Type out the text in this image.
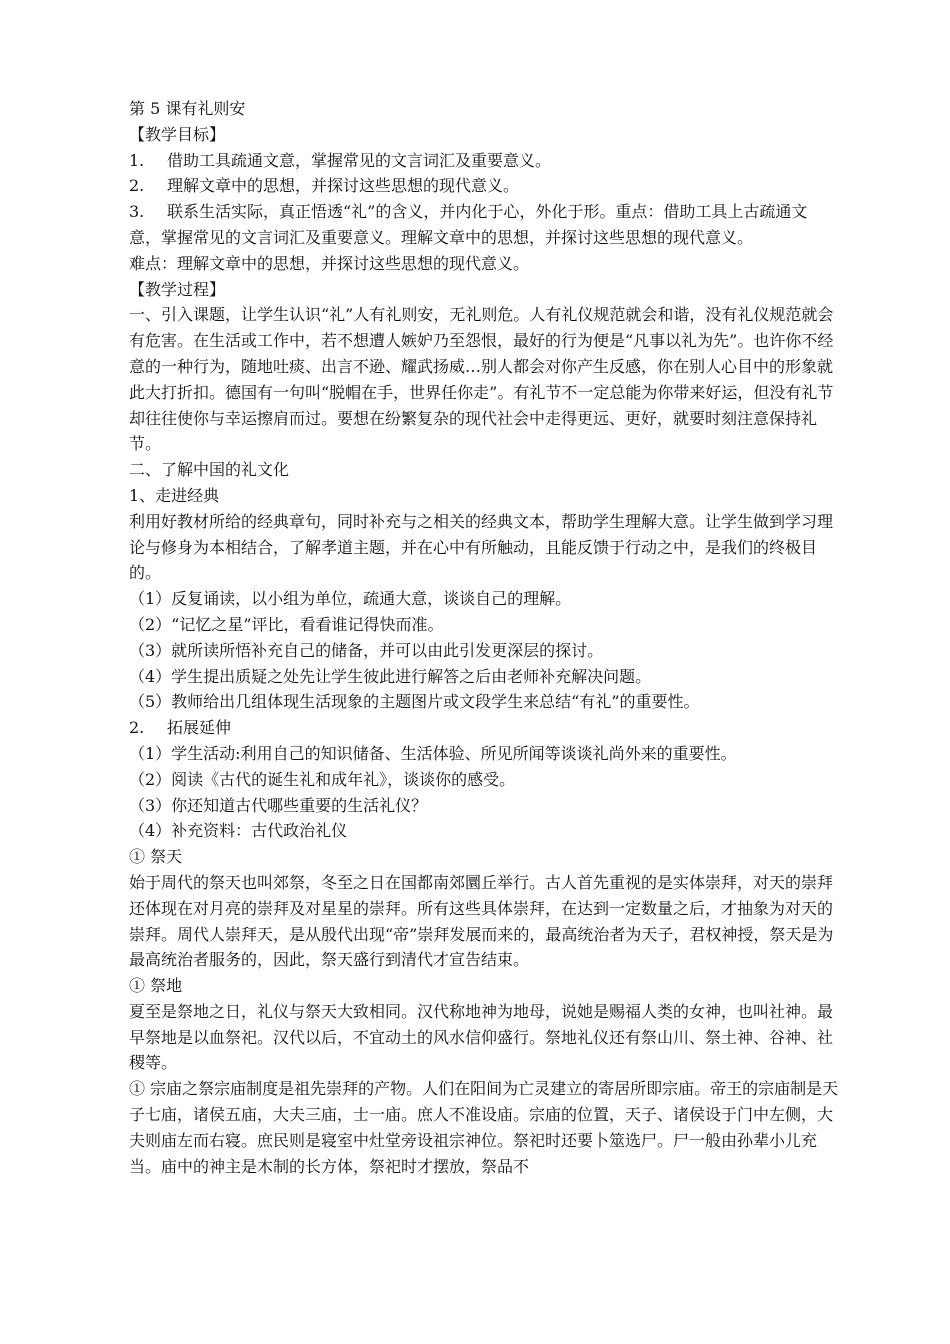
第 5 课有礼则安

【教学目标】

1.	借助工具疏通文意，掌握常见的文言词汇及重要意义。
2.	理解文章中的思想，并探讨这些思想的现代意义。

3. 联系生活实际，真正悟透“礼”的含义，并内化于心，外化于形。重点：借助工具上古疏通文意，掌握常见的文言词汇及重要意义。理解文章中的思想，并探讨这些思想的现代意义。

难点：理解文章中的思想，并探讨这些思想的现代意义。

【教学过程】

一、引入课题，让学生认识“礼”人有礼则安，无礼则危。人有礼仪规范就会和谐，没有礼仪规范就会有危害。在生活或工作中，若不想遭人嫉妒乃至怨恨，最好的行为便是“凡事以礼为先”。也许你不经意的一种行为，随地吐痰、出言不逊、耀武扬威…别人都会对你产生反感，你在别人心目中的形象就此大打折扣。德国有一句叫“脱帽在手，世界任你走”。有礼节不一定总能为你带来好运，但没有礼节却往往使你与幸运擦肩而过。要想在纷繁复杂的现代社会中走得更远、更好，就要时刻注意保持礼节。

二、了解中国的礼文化

1、走进经典

利用好教材所给的经典章句，同时补充与之相关的经典文本，帮助学生理解大意。让学生做到学习理论与修身为本相结合，了解孝道主题，并在心中有所触动，且能反馈于行动之中，是我们的终极目的。

（1）反复诵读，以小组为单位，疏通大意，谈谈自己的理解。

（2）“记忆之星”评比，看看谁记得快而准。

（3）就所读所悟补充自己的储备，并可以由此引发更深层的探讨。

（4）学生提出质疑之处先让学生彼此进行解答之后由老师补充解决问题。

（5）教师给出几组体现生活现象的主题图片或文段学生来总结“有礼”的重要性。

2.	拓展延伸

（1）学生活动:利用自己的知识储备、生活体验、所见所闻等谈谈礼尚外来的重要性。

（2）阅读《古代的诞生礼和成年礼》，谈谈你的感受。

（3）你还知道古代哪些重要的生活礼仪？

（4）补充资料：古代政治礼仪

① 祭天

始于周代的祭天也叫郊祭，冬至之日在国都南郊圜丘举行。古人首先重视的是实体崇拜，对天的崇拜还体现在对月亮的崇拜及对星星的崇拜。所有这些具体崇拜，在达到一定数量之后，才抽象为对天的崇拜。周代人崇拜天，是从殷代出现“帝”崇拜发展而来的，最高统治者为天子，君权神授，祭天是为最高统治者服务的，因此，祭天盛行到清代才宣告结束。

① 祭地

夏至是祭地之日，礼仪与祭天大致相同。汉代称地神为地母，说她是赐福人类的女神，也叫社神。最早祭地是以血祭祀。汉代以后，不宜动土的风水信仰盛行。祭地礼仪还有祭山川、祭土神、谷神、社稷等。

① 宗庙之祭宗庙制度是祖先崇拜的产物。人们在阳间为亡灵建立的寄居所即宗庙。帝王的宗庙制是天子七庙，诸侯五庙，大夫三庙，士一庙。庶人不准设庙。宗庙的位置，天子、诸侯设于门中左侧，大夫则庙左而右寝。庶民则是寝室中灶堂旁设祖宗神位。祭祀时还要卜筮选尸。尸一般由孙辈小儿充当。庙中的神主是木制的长方体，祭祀时才摆放，祭品不
